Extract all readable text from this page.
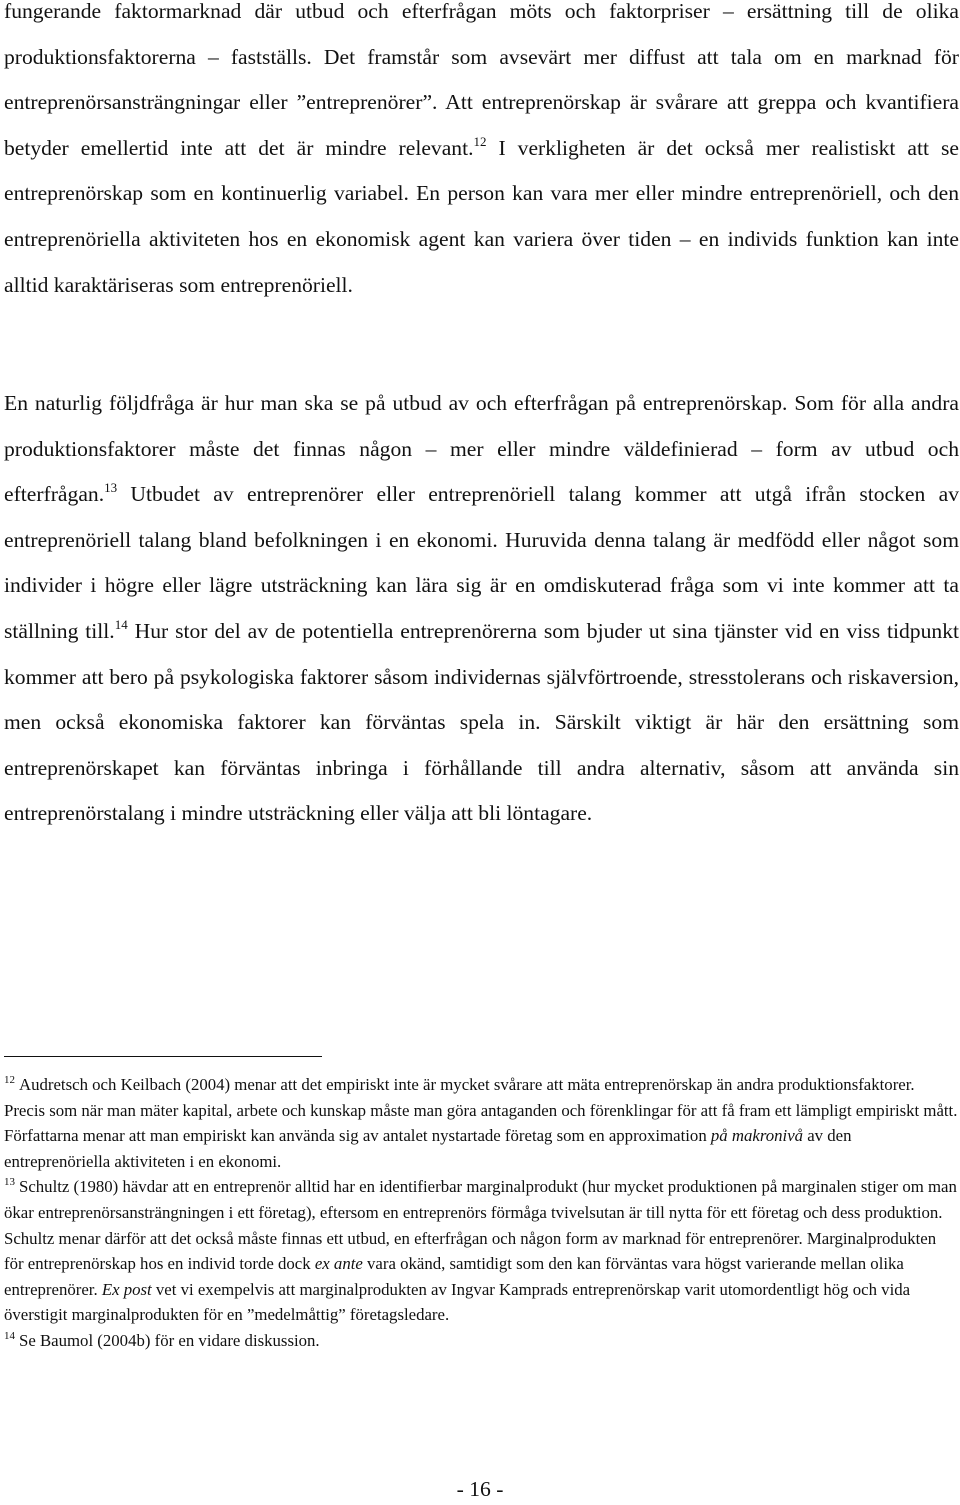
fungerande faktormarknad där utbud och efterfrågan möts och faktorpriser – ersättning till de olika produktionsfaktorerna – fastställs. Det framstår som avsevärt mer diffust att tala om en marknad för entreprenörsansträngningar eller ”entreprenörer”. Att entreprenörskap är svårare att greppa och kvantifiera betyder emellertid inte att det är mindre relevant.$^{12}$ I verkligheten är det också mer realistiskt att se entreprenörskap som en kontinuerlig variabel. En person kan vara mer eller mindre entreprenöriell, och den entreprenöriella aktiviteten hos en ekonomisk agent kan variera över tiden – en individs funktion kan inte alltid karaktäriseras som entreprenöriell.

En naturlig följdfråga är hur man ska se på utbud av och efterfrågan på entreprenörskap. Som för alla andra produktionsfaktorer måste det finnas någon – mer eller mindre väldefinierad – form av utbud och efterfrågan.$^{13}$ Utbudet av entreprenörer eller entreprenöriell talang kommer att utgå ifrån stocken av entreprenöriell talang bland befolkningen i en ekonomi. Huruvida denna talang är medfödd eller något som individer i högre eller lägre utsträckning kan lära sig är en omdiskuterad fråga som vi inte kommer att ta ställning till.$^{14}$ Hur stor del av de potentiella entreprenörerna som bjuder ut sina tjänster vid en viss tidpunkt kommer att bero på psykologiska faktorer såsom individernas självförtroende, stresstolerans och riskaversion, men också ekonomiska faktorer kan förväntas spela in. Särskilt viktigt är här den ersättning som entreprenörskapet kan förväntas inbringa i förhållande till andra alternativ, såsom att använda sin entreprenörstalang i mindre utsträckning eller välja att bli löntagare.

$^{12}$ Audretsch och Keilbach (2004) menar att det empiriskt inte är mycket svårare att mäta entreprenörskap än andra produktionsfaktorer. Precis som när man mäter kapital, arbete och kunskap måste man göra antaganden och förenklingar för att få fram ett lämpligt empiriskt mått. Författarna menar att man empiriskt kan använda sig av antalet nystartade företag som en approximation på makronivå av den entreprenöriella aktiviteten i en ekonomi.

$^{13}$ Schultz (1980) hävdar att en entreprenör alltid har en identifierbar marginalprodukt (hur mycket produktionen på marginalen stiger om man ökar entreprenörsansträngningen i ett företag), eftersom en entreprenörs förmåga tvivelsutan är till nytta för ett företag och dess produktion. Schultz menar därför att det också måste finnas ett utbud, en efterfrågan och någon form av marknad för entreprenörer. Marginalprodukten för entreprenörskap hos en individ torde dock ex ante vara okänd, samtidigt som den kan förväntas vara högst varierande mellan olika entreprenörer. Ex post vet vi exempelvis att marginalprodukten av Ingvar Kamprads entreprenörskap varit utomordentligt hög och vida överstigit marginalprodukten för en ”medelmåttig” företagsledare.

$^{14}$ Se Baumol (2004b) för en vidare diskussion.

- 16 -
